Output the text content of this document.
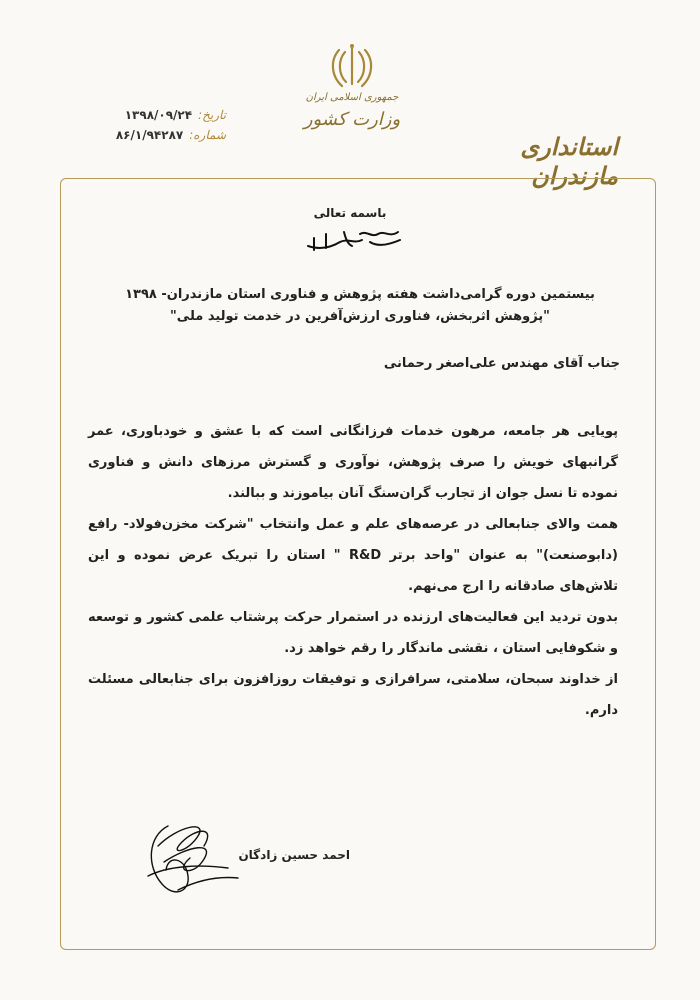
جمهوری اسلامی ایران
وزارت کشور
استانداری مازندران
تاریخ:
۱۳۹۸/۰۹/۲۴
شماره:
۸۶/۱/۹۴۲۸۷
باسمه تعالی
بیستمین دوره گرامی‌داشت هفته پژوهش و فناوری استان مازندران- ۱۳۹۸
"پژوهش اثربخش، فناوری ارزش‌آفرین در خدمت تولید ملی"
جناب آقای مهندس علی‌اصغر رحمانی

پویایی هر جامعه، مرهون خدمات فرزانگانی است که با عشق و خودباوری، عمر گرانبهای خویش را صرف پژوهش، نوآوری و گسترش مرزهای دانش و فناوری نموده تا نسل جوان از تجارب گران‌سنگ آنان بیاموزند و ببالند.

همت والای جنابعالی در عرصه‌های علم و عمل وانتخاب "شرکت مخزن‌فولاد- رافع (دابوصنعت)" به عنوان "واحد برتر R&D " استان را تبریک عرض نموده و این تلاش‌های صادقانه را ارج می‌نهم.

بدون تردید این فعالیت‌های ارزنده در استمرار حرکت پرشتاب علمی کشور و توسعه و شکوفایی استان ، نقشی ماندگار را رقم خواهد زد.

از خداوند سبحان، سلامتی، سرافرازی و توفیقات روزافزون برای جنابعالی مسئلت دارم.

احمد حسین زادگان
